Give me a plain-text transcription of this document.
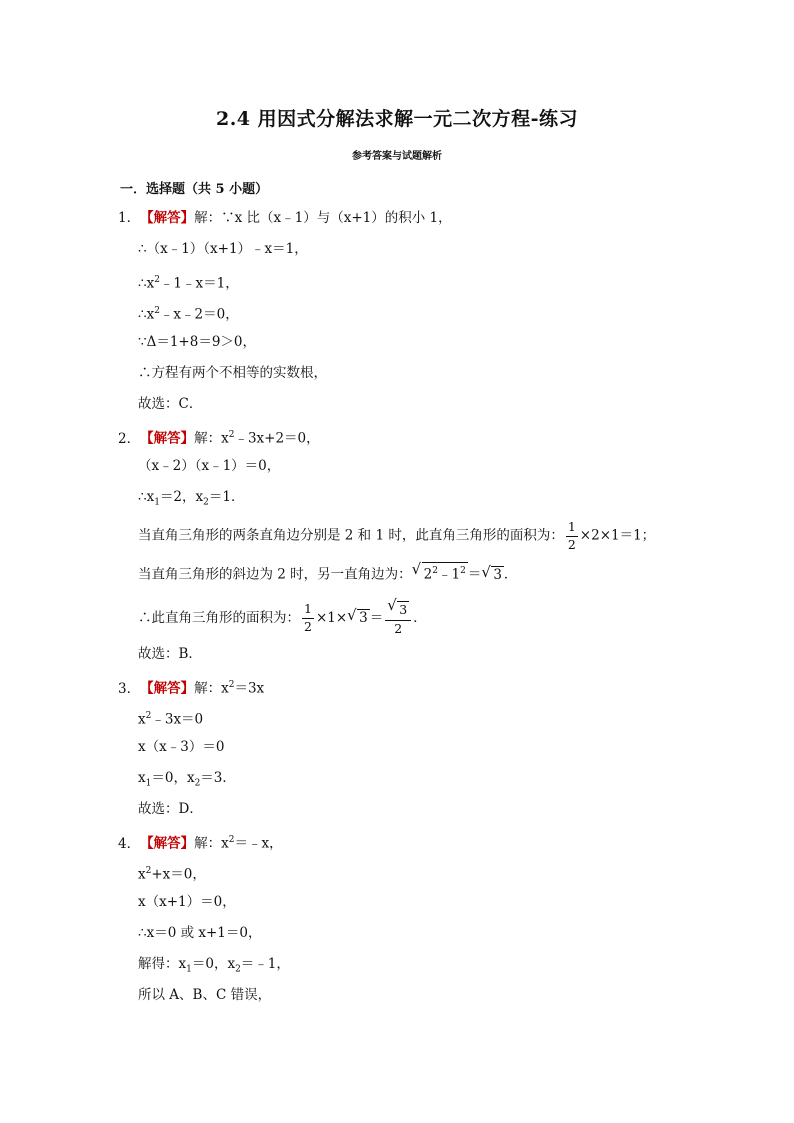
2.4 用因式分解法求解一元二次方程-练习
参考答案与试题解析
一．选择题（共 5 小题）
1．【解答】解：∵x 比（x﹣1）与（x+1）的积小 1，
∴（x﹣1）（x+1）﹣x＝1，
$\therefore x^2﹣1﹣x=1$，
$\therefore x^2﹣x﹣2=0$，
∵Δ＝1+8＝9＞0，
∴方程有两个不相等的实数根，
故选：C．
2．【解答】解：$x^2﹣3x+2=0$，
（x﹣2）（x﹣1）＝0，
$\therefore x_1=2$，$x_2=1$．
当直角三角形的两条直角边分别是 2 和 1 时，此直角三角形的面积为： $\frac{1}{2} \times 2\times 1=1$；
当直角三角形的斜边为 2 时，另一直角边为：√ $2^2﹣1^2$ ＝√ 3 ．
∴此直角三角形的面积为： $\frac{1}{2} \times 1\times√$ 3 ＝
√ $\frac{3}{2}$ ．
故选：B．
3．【解答】解：$x^2=3x$
$x^2﹣3x=0$
x（x﹣3）＝0
$x_1=0$，$x_2=3$．
故选：D．
4．【解答】解：$x^2=﹣x$，
$x^2+x=0$，
x（x+1）＝0，
∴x＝0 或 x+1＝0，
解得：$x_1=0$，$x_2=﹣1$，
所以 A、B、C 错误，
